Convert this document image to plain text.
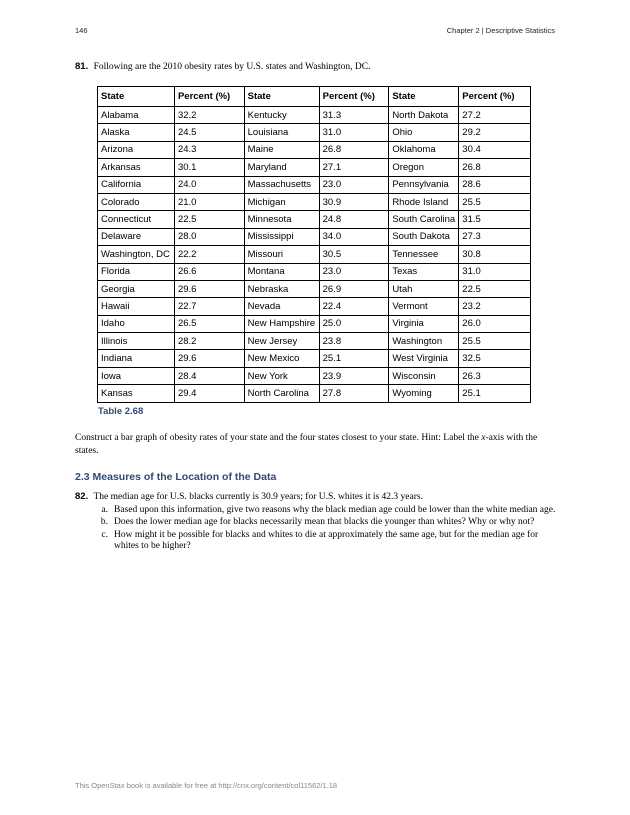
146	Chapter 2 | Descriptive Statistics
81. Following are the 2010 obesity rates by U.S. states and Washington, DC.
State	Percent (%)	State	Percent (%)	State	Percent (%)
Alabama	32.2	Kentucky	31.3	North Dakota	27.2
Alaska	24.5	Louisiana	31.0	Ohio	29.2
Arizona	24.3	Maine	26.8	Oklahoma	30.4
Arkansas	30.1	Maryland	27.1	Oregon	26.8
California	24.0	Massachusetts	23.0	Pennsylvania	28.6
Colorado	21.0	Michigan	30.9	Rhode Island	25.5
Connecticut	22.5	Minnesota	24.8	South Carolina	31.5
Delaware	28.0	Mississippi	34.0	South Dakota	27.3
Washington, DC	22.2	Missouri	30.5	Tennessee	30.8
Florida	26.6	Montana	23.0	Texas	31.0
Georgia	29.6	Nebraska	26.9	Utah	22.5
Hawaii	22.7	Nevada	22.4	Vermont	23.2
Idaho	26.5	New Hampshire	25.0	Virginia	26.0
Illinois	28.2	New Jersey	23.8	Washington	25.5
Indiana	29.6	New Mexico	25.1	West Virginia	32.5
Iowa	28.4	New York	23.9	Wisconsin	26.3
Kansas	29.4	North Carolina	27.8	Wyoming	25.1
Table 2.68
Construct a bar graph of obesity rates of your state and the four states closest to your state. Hint: Label the x-axis with the states.
2.3 Measures of the Location of the Data
82. The median age for U.S. blacks currently is 30.9 years; for U.S. whites it is 42.3 years.
a. Based upon this information, give two reasons why the black median age could be lower than the white median age.
b. Does the lower median age for blacks necessarily mean that blacks die younger than whites? Why or why not?
c. How might it be possible for blacks and whites to die at approximately the same age, but for the median age for whites to be higher?
This OpenStax book is available for free at http://cnx.org/content/col11562/1.18
